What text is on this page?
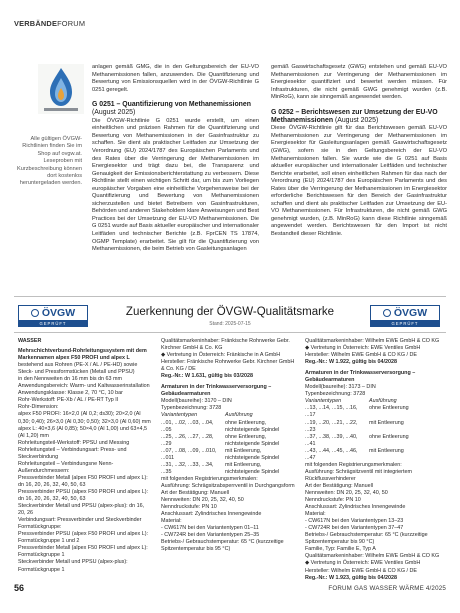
VERBÄNDEFORUM
Alle gültigen ÖVGW-Richtlinien finden Sie im Shop auf ovgw.at. Leseproben mit Kurzbeschreibung können dort kostenlos heruntergeladen werden.

anlagen gemäß GMG, die in den Geltungsbereich der EU-VO Methanemissionen fallen, anzuwenden. Die Quantifizierung und Bewertung von Emissionsquellen wird in der ÖVGW-Richtlinie G 0251 geregelt.

G 0251 – Quantifizierung von Methanemissionen
(August 2025)

Die ÖVGW-Richtlinie G 0251 wurde erstellt, um einen einheitlichen und präzisen Rahmen für die Quantifizierung und Bewertung von Methanemissionen in der Gasinfrastruktur zu schaffen. Sie dient als praktischer Leitfaden zur Umsetzung der Verordnung (EU) 2024/1787 des Europäischen Parlaments und des Rates über die Verringerung der Methanemissionen im Energiesektor und trägt dazu bei, die Transparenz und Genauigkeit der Emissionsberichterstattung zu verbessern. Diese Richtlinie stellt einen wichtigen Schritt dar, um bis zum Vorliegen europäischer Vorgaben eine einheitliche Vorgehensweise bei der Quantifizierung und Bewertung von Methanemissionen sicherzustellen und bietet Betreibern von Gasinfrastrukturen, Behörden und anderen Stakeholdern klare Anweisungen und Best Practices bei der Umsetzung der EU-VO Methanemissionen. Die G 0251 wurde auf Basis aktueller europäischer und internationaler Leitfäden und technischer Berichte (z.B. FprCEN TS 17874, OGMP Template) erarbeitet. Sie gilt für die Quantifizierung von Methanemissionen, die beim Betrieb von Gasleitungsanlagen

gemäß Gaswirtschaftsgesetz (GWG) entstehen und gemäß EU-VO Methanemissionen zur Verringerung der Methanemissionen im Energiesektor quantifiziert und bewertet werden müssen. Für Infrastrukturen, die nicht gemäß GWG genehmigt wurden (z.B. MinRoG), kann sie sinngemäß angewendet werden.

G 0252 – Berichtswesen zur Umsetzung der EU-VO Methanemissionen (August 2025)

Diese ÖVGW-Richtlinie gilt für das Berichtswesen gemäß EU-VO Methanemissionen zur Verringerung der Methanemissionen im Energiesektor für Gasleitungsanlagen gemäß Gaswirtschaftsgesetz (GWG), sofern sie in den Geltungsbereich der EU-VO Methanemissionen fallen. Sie wurde wie die G 0251 auf Basis aktueller europäischer und internationaler Leitfäden und technischer Berichte erarbeitet, soll einen einheitlichen Rahmen für das nach der Verordnung (EU) 2024/1787 des Europäischen Parlaments und des Rates über die Verringerung der Methanemissionen im Energiesektor erforderliche Berichtswesen für den Bereich der Gasinfrastruktur schaffen und dient als praktischer Leitfaden zur Umsetzung der EU-VO Methanemissionen. Für Infrastrukturen, die nicht gemäß GWG genehmigt wurden, (z.B. MinRoG) kann diese Richtlinie sinngemäß angewendet werden. Berichtswesen für den Import ist nicht Bestandteil dieser Richtlinie.

ÖVGW
GEPRÜFT
Zuerkennung der ÖVGW-Qualitätsmarke
Stand: 2025-07-15
ÖVGW
GEPRÜFT

WASSER

Mehrschichtverbund-Rohrleitungssystem mit dem Markennamen alpex F50 PROFI und alpex L

bestehend aus Rohren (PE-X / AL / PE-HD) sowie Steck- und Pressformstücken (Metall und PPSU)

in den Nennweiten dn 16 mm bis dn 63 mm

Anwendungsbereich: Warm- und Kaltwasserinstallation

Anwendungsklasse: Klasse 2, 70 °C, 10 bar

Rohr-Werkstoff: PE-Xb / AL / PE-RT Typ II

Rohr-Dimension:

alpex F50 PROFI: 16×2,0 (Al 0,2; ds30); 20×2,0 (Al 0,30; 0,40); 26×3,0 (Al 0,30; 0,50); 32×3,0 (Al 0,60) mm

alpex L: 40×3,6 (Al 0,85); 50×4,0 (Al 1,00) und 63×4,5 (Al 1,20) mm

Rohrleitungsteil-Werkstoff: PPSU und Messing

Rohrleitungsteil – Verbindungsart: Press- und Steckverbindung

Rohrleitungsteil – Verbindungsne Nenn-Außendurchmessern:

Pressverbinder Metall (alpex F50 PROFI und alpex L): dn 16, 20, 26, 32, 40, 50, 63

Pressverbinder PPSU (alpex F50 PROFI und alpex L): dn 16, 20, 26, 32, 40, 50, 63

Steckverbinder Metall und PPSU (alpex-plus): dn 16, 20, 26

Verbindungsart: Pressverbinder und Steckverbinder

Formstückgruppe:

Pressverbinder PPSU (alpex F50 PROFI und alpex L): Formstückgruppe 1 und 2

Pressverbinder Metall (alpex F50 PROFI und alpex L): Formstückgruppe 1

Steckverbinder Metall und PPSU (alpex-plus): Formstückgruppe 1

Qualitätsmarkeninhaber: Fränkische Rohrwerke Gebr. Kirchner GmbH & Co. KG

◆ Vertretung in Österreich: Fränkische in A GmbH

Hersteller: Fränkische Rohrwerke Gebr. Kirchner GmbH & Co. KG / DE

Reg.-Nr.: W 1.631, gültig bis 03/2028

Armaturen in der Trinkwasserversorgung – Gebäudearmaturen

Modell(baureihe): 3170 – DIN

Typenbezeichnung: 3728

Variantentypen	Ausführung
...01, ...02, ...03, ...04, ...05
ohne Entleerung, nichtsteigende Spindel
...25, ...26, ...27, ...28, ...29
ohne Entleerung, nichtsteigende Spindel
...07, ...08, ...09, ...010, ...011
mit Entleerung, nichtsteigende Spindel
...31, ...32, ...33, ...34, ...35
mit Entleerung, nichtsteigende Spindel

mit folgenden Registrierungsmerkmalen:

Ausführung: Schrägsitzabsperrventil in Durchgangsform

Art der Bestätigung: Manuell

Nennweiten: DN 20, 25, 32, 40, 50

Nenndruckstufe: PN 10

Anschlussart: Zylindrisches Innengewinde

Material:

- CW617N bei den Variantentypen 01–11

- CW724R bei den Variantentypen 25–35

Betriebs-/ Gebrauchstemperatur: 65 °C (kurzzeitige Spitzentemperatur bis 95 °C)

Qualitätsmarkeninhaber: Wilhelm EWE GmbH & CO KG

◆ Vertretung in Österreich: EWE Ventiles GmbH

Hersteller: Wilhelm EWE GmbH & CO KG / DE

Reg.-Nr.: W 1.922, gültig bis 04/2028

Armaturen in der Trinkwasserversorgung – Gebäudearmaturen

Modell(baureihe): 3173 – DIN

Typenbezeichnung: 3728

Variantentypen	Ausführung
...13, ...14, ...15, ...16, ...17
ohne Entleerung
...19, ...20, ...21, ...22, ...23
mit Entleerung
...37, ...38, ...39, ...40, ...41
ohne Entleerung
...43, ...44, ...45, ...46, ...47
mit Entleerung

mit folgenden Registrierungsmerkmalen:

Ausführung: Schrägsitzventil mit integriertem Rückflussverhinderer

Art der Bestätigung: Manuell

Nennweiten: DN 20, 25, 32, 40, 50

Nenndruckstufe: PN 10

Anschlussart: Zylindrisches Innengewinde

Material:

- CW617N bei den Variantentypen 13–23

- CW724R bei den Variantentypen 37–47

Betriebs-/ Gebrauchstemperatur: 65 °C (kurzzeitige Spitzentemperatur bis 90 °C)

Familie, Typ: Familie E, Typ A

Qualitätsmarkeninhaber: Wilhelm EWE GmbH & CO KG

◆ Vertretung in Österreich: EWE Ventiles GmbH

Hersteller: Wilhelm EWE GmbH & CO KG / DE

Reg.-Nr.: W 1.923, gültig bis 04/2028

56	FORUM GAS WASSER WÄRME 4/2025
